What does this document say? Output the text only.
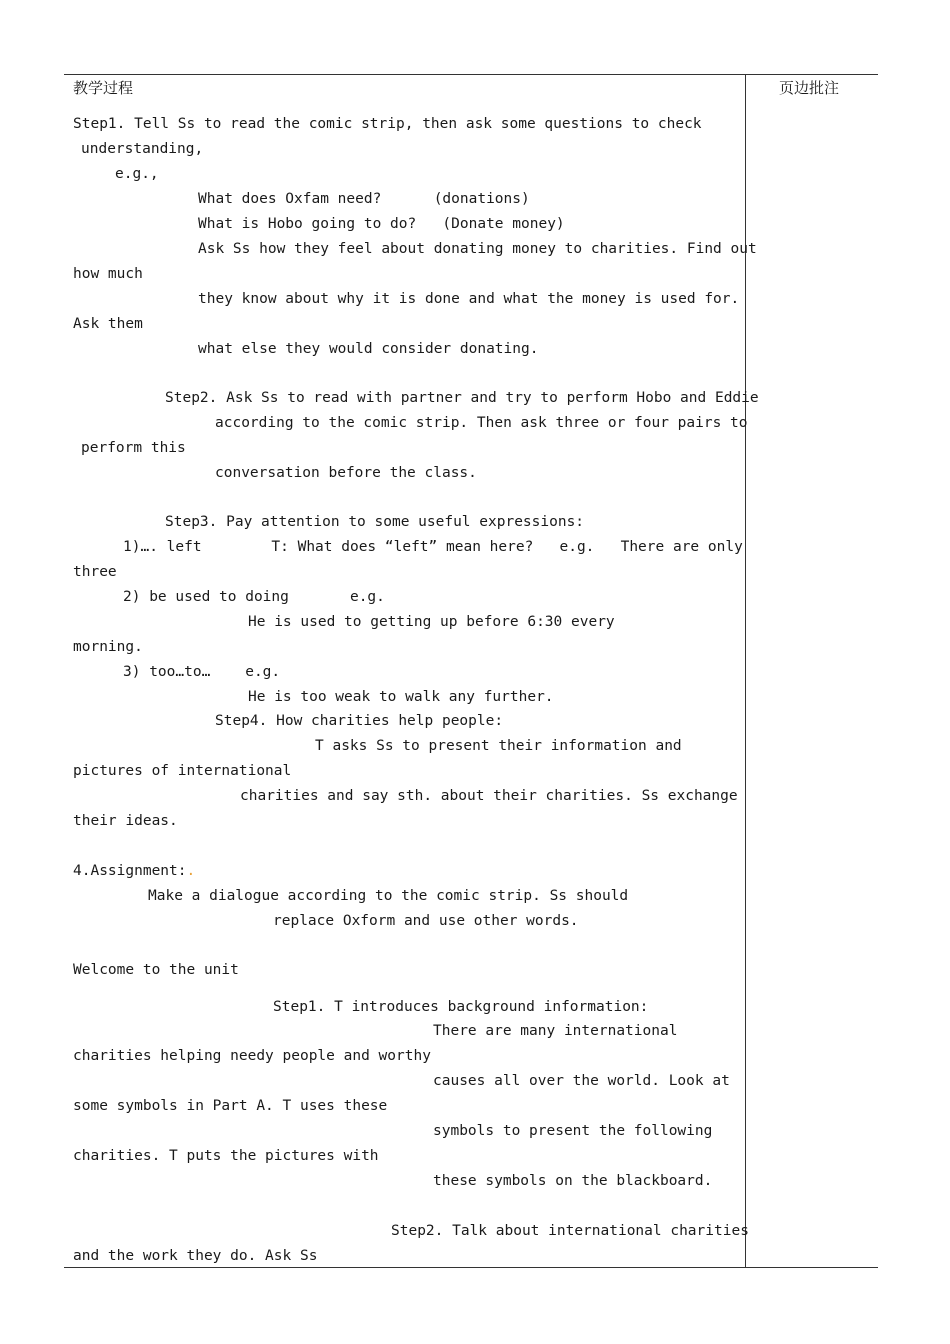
教学过程	页边批注
Step1. Tell Ss to read the comic strip, then ask some questions to check
understanding,
e.g.,
What does Oxfam need?      (donations)
What is Hobo going to do?   (Donate money)
Ask Ss how they feel about donating money to charities. Find out
how much
they know about why it is done and what the money is used for.
Ask them
what else they would consider donating.
Step2. Ask Ss to read with partner and try to perform Hobo and Eddie
according to the comic strip. Then ask three or four pairs to
perform this
conversation before the class.
Step3. Pay attention to some useful expressions:
1)…. left        T: What does “left” mean here?   e.g.   There are only
three
2) be used to doing       e.g.
He is used to getting up before 6:30 every
morning.
3) too…to…    e.g.
He is too weak to walk any further.
Step4. How charities help people:
T asks Ss to present their information and
pictures of international
charities and say sth. about their charities. Ss exchange
their ideas.
4.Assignment:.
Make a dialogue according to the comic strip. Ss should
replace Oxform and use other words.
Welcome to the unit
Step1. T introduces background information:
There are many international
charities helping needy people and worthy
causes all over the world. Look at
some symbols in Part A. T uses these
symbols to present the following
charities. T puts the pictures with
these symbols on the blackboard.
Step2. Talk about international charities
and the work they do. Ask Ss
